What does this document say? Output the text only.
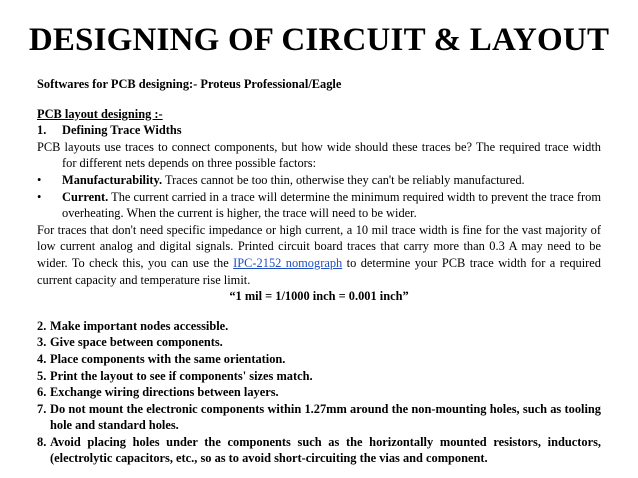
DESIGNING OF CIRCUIT & LAYOUT

Softwares for PCB designing:- Proteus Professional/Eagle

PCB layout designing :-

1.	Defining Trace Widths

PCB layouts use traces to connect components, but how wide should these traces be? The required trace width for different nets depends on three possible factors:

•	Manufacturability. Traces cannot be too thin, otherwise they can't be reliably manufactured.
•	Current. The current carried in a trace will determine the minimum required width to prevent the trace from overheating. When the current is higher, the trace will need to be wider.

For traces that don't need specific impedance or high current, a 10 mil trace width is fine for the vast majority of low current analog and digital signals. Printed circuit board traces that carry more than 0.3 A may need to be wider. To check this, you can use the IPC-2152 nomograph to determine your PCB trace width for a required current capacity and temperature rise limit.

“1 mil = 1/1000 inch = 0.001 inch”

2. Make important nodes accessible.
3. Give space between components.
4. Place components with the same orientation.
5. Print the layout to see if components' sizes match.
6. Exchange wiring directions between layers.
7. Do not mount the electronic components within 1.27mm around the non-mounting holes, such as tooling hole and standard holes.
8. Avoid placing holes under the components such as the horizontally mounted resistors, inductors, (electrolytic capacitors, etc., so as to avoid short-circuiting the vias and component.
